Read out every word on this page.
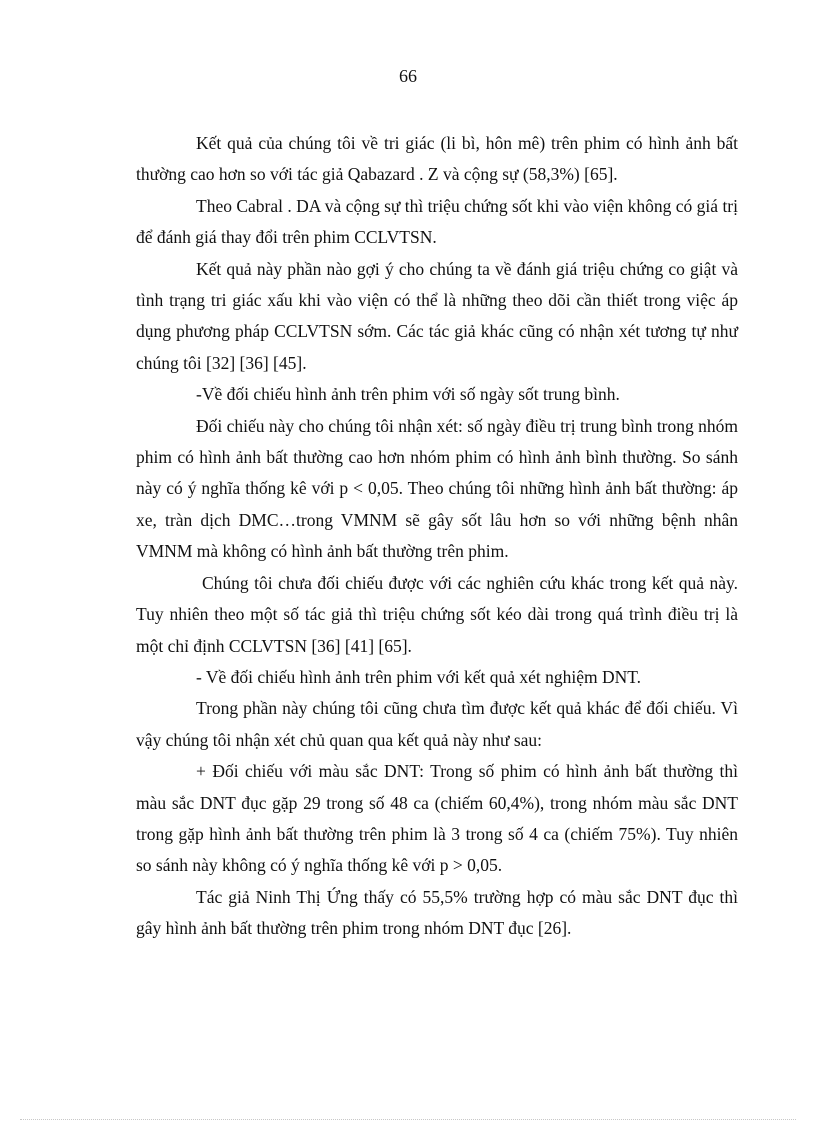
66

Kết quả của chúng tôi về tri giác (li bì, hôn mê) trên phim có hình ảnh bất thường cao hơn so với tác giả Qabazard . Z và cộng sự (58,3%) [65].

Theo Cabral . DA và cộng sự thì triệu chứng sốt khi vào viện không có giá trị để đánh giá thay đổi trên phim CCLVTSN.

Kết quả này phần nào gợi ý cho chúng ta về đánh giá triệu chứng co giật và tình trạng tri giác xấu khi vào viện có thể là những theo dõi cần thiết trong việc áp dụng phương pháp CCLVTSN sớm. Các tác giả khác cũng có nhận xét tương tự như chúng tôi [32] [36] [45].

-Về đối chiếu hình ảnh trên phim với số ngày sốt trung bình.

Đối chiếu này cho chúng tôi nhận xét: số ngày điều trị trung bình trong nhóm phim có hình ảnh bất thường cao hơn nhóm phim có hình ảnh bình thường. So sánh này có ý nghĩa thống kê với p < 0,05. Theo chúng tôi những hình ảnh bất thường: áp xe, tràn dịch DMC…trong VMNM sẽ gây sốt lâu hơn so với những bệnh nhân VMNM mà không có hình ảnh bất thường trên phim.

Chúng tôi chưa đối chiếu được với các nghiên cứu khác trong kết quả này. Tuy nhiên theo một số tác giả thì triệu chứng sốt kéo dài trong quá trình điều trị là một chỉ định CCLVTSN [36] [41] [65].

- Về đối chiếu hình ảnh trên phim với kết quả xét nghiệm DNT.

Trong phần này chúng tôi cũng chưa tìm được kết quả khác để đối chiếu. Vì vậy chúng tôi nhận xét chủ quan qua kết quả này như sau:

+ Đối chiếu với màu sắc DNT: Trong số phim có hình ảnh bất thường thì màu sắc DNT đục gặp 29 trong số 48 ca (chiếm 60,4%), trong nhóm màu sắc DNT trong gặp hình ảnh bất thường trên phim là 3 trong số 4 ca (chiếm 75%). Tuy nhiên so sánh này không có ý nghĩa thống kê với p > 0,05.

Tác giả Ninh Thị Ứng thấy có 55,5% trường hợp có màu sắc DNT đục thì gây hình ảnh bất thường trên phim trong nhóm DNT đục [26].
